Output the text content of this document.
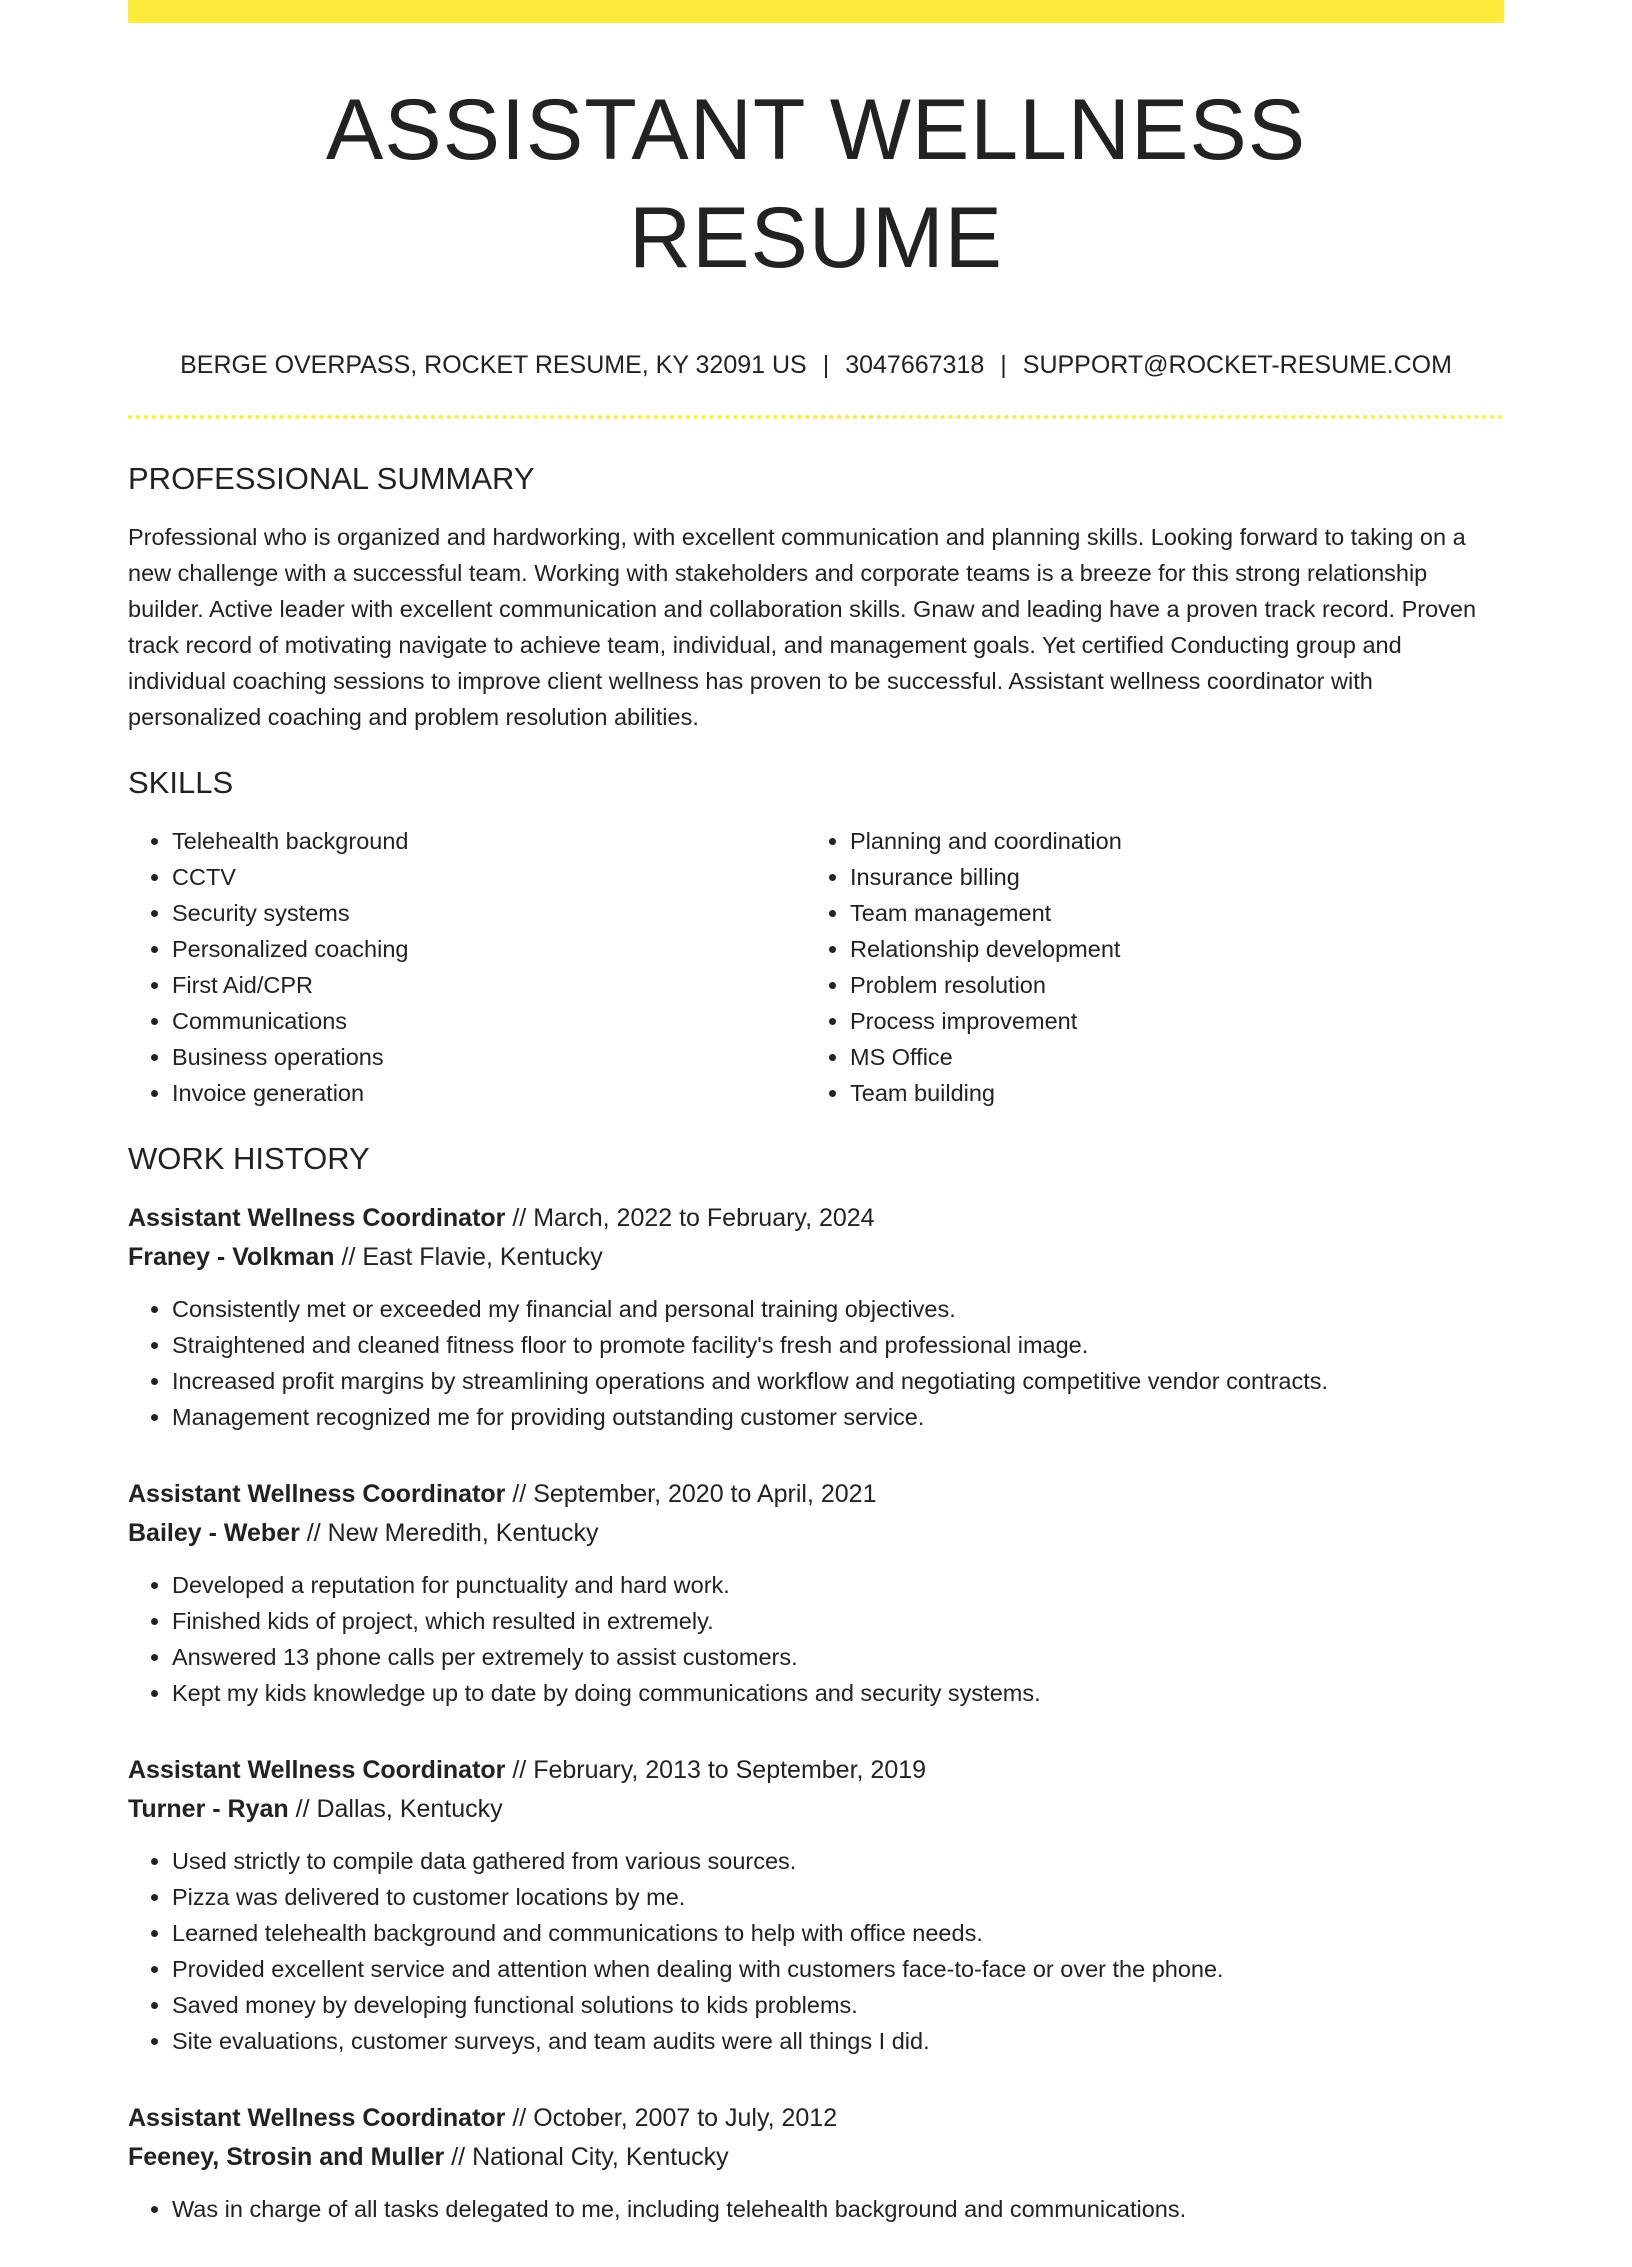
ASSISTANT WELLNESS RESUME
BERGE OVERPASS, ROCKET RESUME, KY 32091 US | 3047667318 | SUPPORT@ROCKET-RESUME.COM
PROFESSIONAL SUMMARY

Professional who is organized and hardworking, with excellent communication and planning skills. Looking forward to taking on a new challenge with a successful team. Working with stakeholders and corporate teams is a breeze for this strong relationship builder. Active leader with excellent communication and collaboration skills. Gnaw and leading have a proven track record. Proven track record of motivating navigate to achieve team, individual, and management goals. Yet certified Conducting group and individual coaching sessions to improve client wellness has proven to be successful. Assistant wellness coordinator with personalized coaching and problem resolution abilities.

SKILLS
• Telehealth background
• CCTV
• Security systems
• Personalized coaching
• First Aid/CPR
• Communications
• Business operations
• Invoice generation
• Planning and coordination
• Insurance billing
• Team management
• Relationship development
• Problem resolution
• Process improvement
• MS Office
• Team building
WORK HISTORY
Assistant Wellness Coordinator // March, 2022 to February, 2024
Franey - Volkman // East Flavie, Kentucky
• Consistently met or exceeded my financial and personal training objectives.
• Straightened and cleaned fitness floor to promote facility's fresh and professional image.
• Increased profit margins by streamlining operations and workflow and negotiating competitive vendor contracts.
• Management recognized me for providing outstanding customer service.
Assistant Wellness Coordinator // September, 2020 to April, 2021
Bailey - Weber // New Meredith, Kentucky
• Developed a reputation for punctuality and hard work.
• Finished kids of project, which resulted in extremely.
• Answered 13 phone calls per extremely to assist customers.
• Kept my kids knowledge up to date by doing communications and security systems.
Assistant Wellness Coordinator // February, 2013 to September, 2019
Turner - Ryan // Dallas, Kentucky
• Used strictly to compile data gathered from various sources.
• Pizza was delivered to customer locations by me.
• Learned telehealth background and communications to help with office needs.
• Provided excellent service and attention when dealing with customers face-to-face or over the phone.
• Saved money by developing functional solutions to kids problems.
• Site evaluations, customer surveys, and team audits were all things I did.
Assistant Wellness Coordinator // October, 2007 to July, 2012
Feeney, Strosin and Muller // National City, Kentucky
• Was in charge of all tasks delegated to me, including telehealth background and communications.
